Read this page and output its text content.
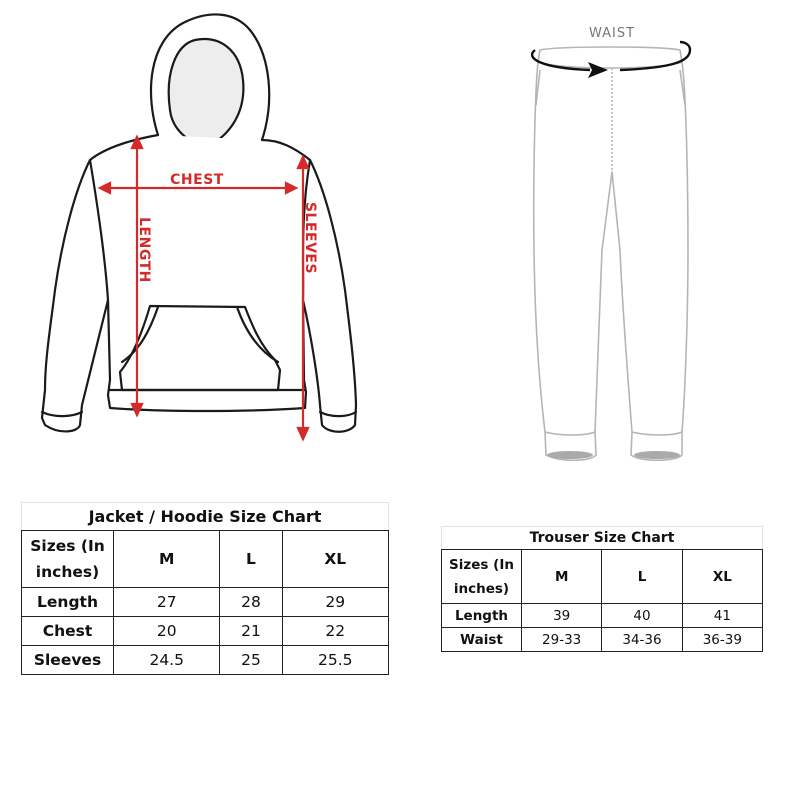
CHEST
LENGTH	SLEEVES
WAIST
Jacket / Hoodie Size Chart			
Sizes (In
inches)	M	L	XL
Length	27	28	29
Chest	20	21	22
Sleeves	24.5	25	25.5
Trouser Size Chart			
Sizes (In
inches)	M	L	XL
Length	39	40	41
Waist	29-33	34-36	36-39
